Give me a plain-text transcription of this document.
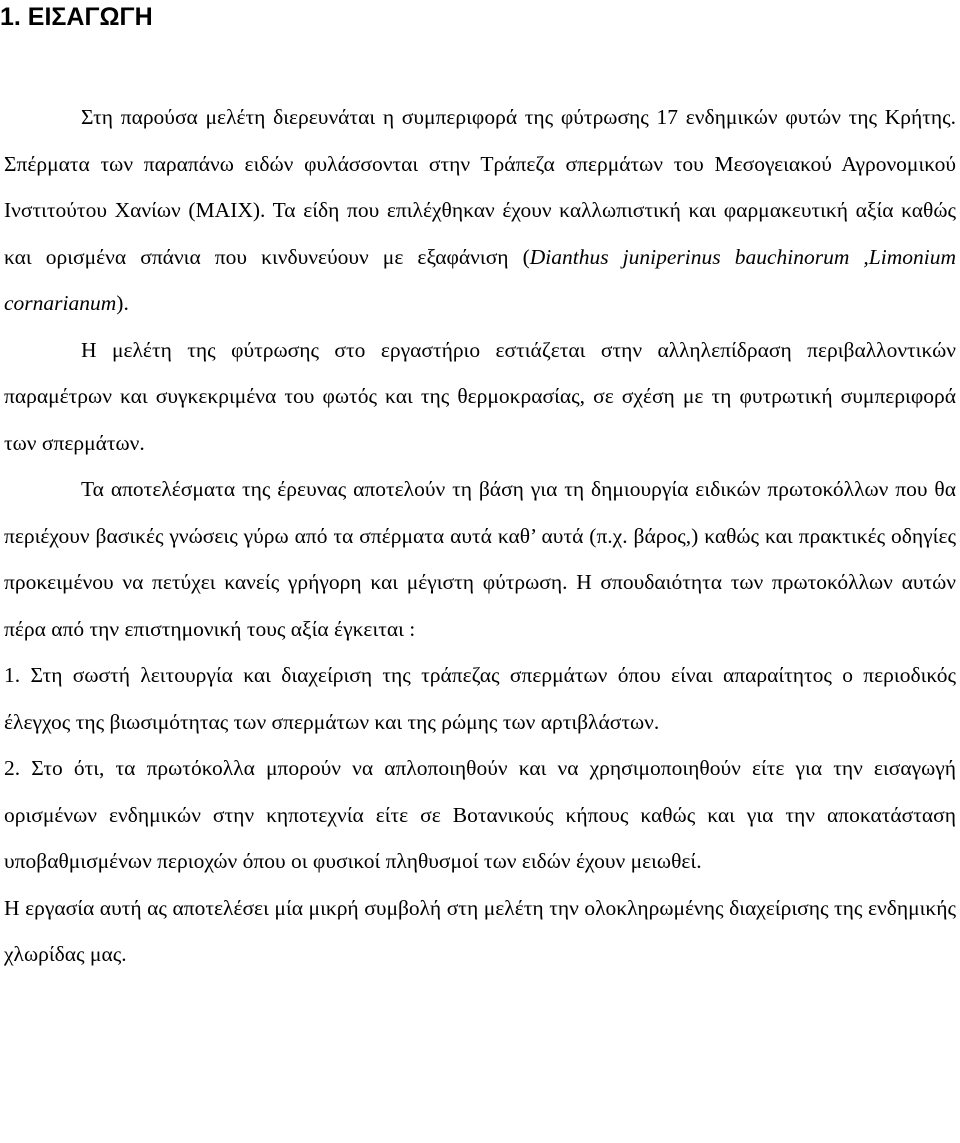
1. ΕΙΣΑΓΩΓΗ

Στη παρούσα μελέτη διερευνάται η συμπεριφορά της φύτρωσης 17 ενδημικών φυτών της Κρήτης. Σπέρματα των παραπάνω ειδών φυλάσσονται στην Τράπεζα σπερμάτων του Μεσογειακού Αγρονομικού Ινστιτούτου Χανίων (ΜΑΙΧ). Τα είδη που επιλέχθηκαν έχουν καλλωπιστική και φαρμακευτική αξία καθώς και ορισμένα σπάνια που κινδυνεύουν με εξαφάνιση (Dianthus juniperinus bauchinorum ,Limonium cornarianum).

Η μελέτη της φύτρωσης στο εργαστήριο εστιάζεται στην αλληλεπίδραση περιβαλλοντικών παραμέτρων και συγκεκριμένα του φωτός και της θερμοκρασίας, σε σχέση με τη φυτρωτική συμπεριφορά των σπερμάτων.

Τα αποτελέσματα της έρευνας αποτελούν τη βάση για τη δημιουργία ειδικών πρωτοκόλλων που θα περιέχουν βασικές γνώσεις γύρω από τα σπέρματα αυτά καθ’ αυτά (π.χ. βάρος,) καθώς και πρακτικές οδηγίες προκειμένου να πετύχει κανείς γρήγορη και μέγιστη φύτρωση. Η σπουδαιότητα των πρωτοκόλλων αυτών πέρα από την επιστημονική τους αξία έγκειται :

1. Στη σωστή λειτουργία και διαχείριση της τράπεζας σπερμάτων όπου είναι απαραίτητος ο περιοδικός έλεγχος της βιωσιμότητας των σπερμάτων και της ρώμης των αρτιβλάστων.

2. Στο ότι, τα πρωτόκολλα μπορούν να απλοποιηθούν και να χρησιμοποιηθούν είτε για την εισαγωγή ορισμένων ενδημικών στην κηποτεχνία είτε σε Βοτανικούς κήπους καθώς και για την αποκατάσταση υποβαθμισμένων περιοχών όπου οι φυσικοί πληθυσμοί των ειδών έχουν μειωθεί.

Η εργασία αυτή ας αποτελέσει μία μικρή συμβολή στη μελέτη την ολοκληρωμένης διαχείρισης της ενδημικής χλωρίδας μας.
